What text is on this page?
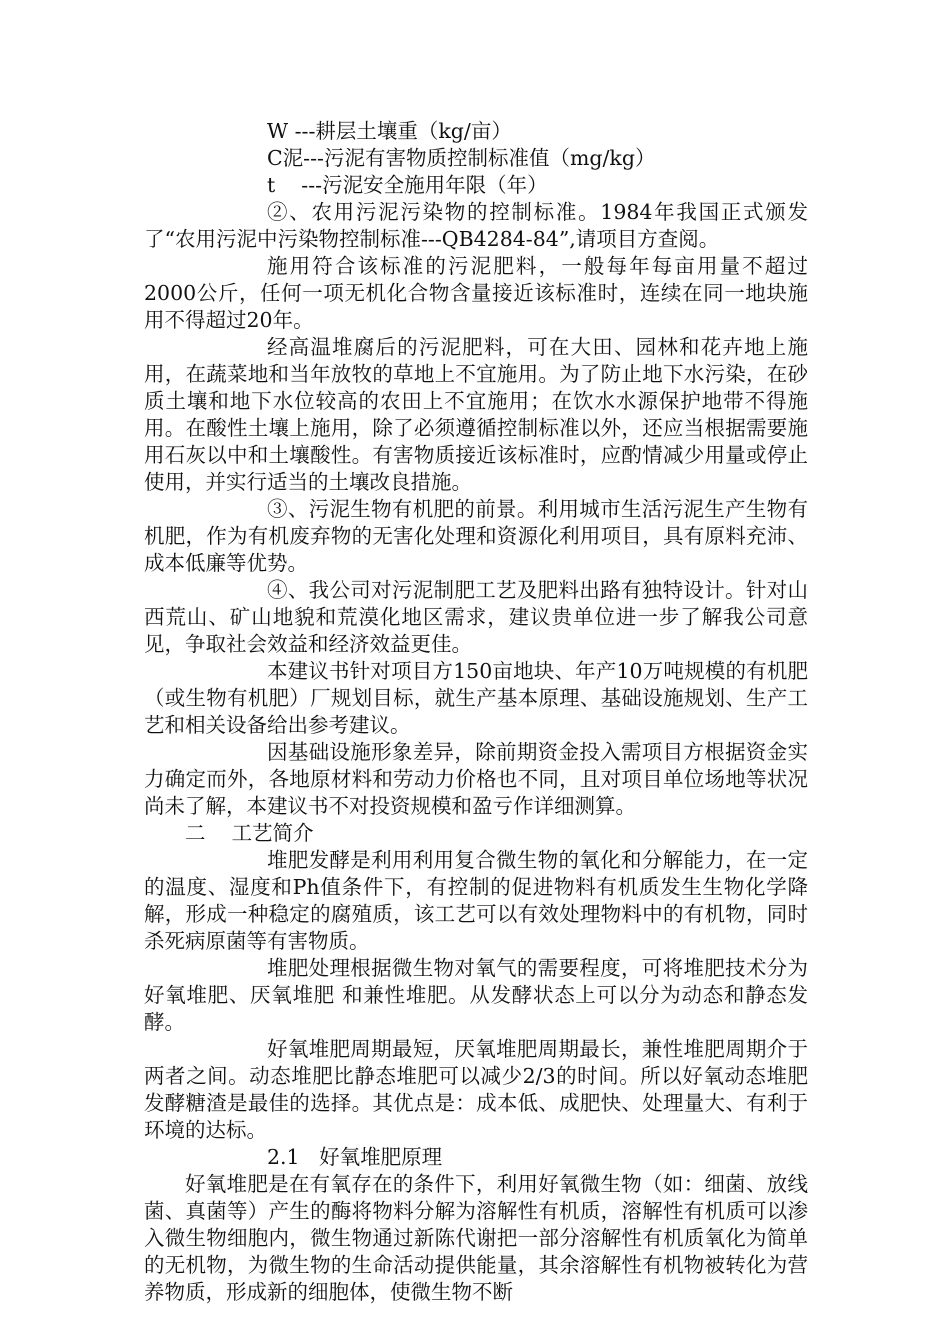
W ---耕层土壤重（kg/亩）

C泥---污泥有害物质控制标准值（mg/kg）

t    ---污泥安全施用年限（年）

②、农用污泥污染物的控制标准。1984年我国正式颁发了“农用污泥中污染物控制标准---QB4284-84”,请项目方查阅。

施用符合该标准的污泥肥料，一般每年每亩用量不超过2000公斤，任何一项无机化合物含量接近该标准时，连续在同一地块施用不得超过20年。

经高温堆腐后的污泥肥料，可在大田、园林和花卉地上施用，在蔬菜地和当年放牧的草地上不宜施用。为了防止地下水污染，在砂质土壤和地下水位较高的农田上不宜施用；在饮水水源保护地带不得施用。在酸性土壤上施用，除了必须遵循控制标准以外，还应当根据需要施用石灰以中和土壤酸性。有害物质接近该标准时，应酌情减少用量或停止使用，并实行适当的土壤改良措施。

③、污泥生物有机肥的前景。利用城市生活污泥生产生物有机肥，作为有机废弃物的无害化处理和资源化利用项目，具有原料充沛、成本低廉等优势。

④、我公司对污泥制肥工艺及肥料出路有独特设计。针对山西荒山、矿山地貌和荒漠化地区需求，建议贵单位进一步了解我公司意见，争取社会效益和经济效益更佳。

本建议书针对项目方150亩地块、年产10万吨规模的有机肥（或生物有机肥）厂规划目标，就生产基本原理、基础设施规划、生产工艺和相关设备给出参考建议。

因基础设施形象差异，除前期资金投入需项目方根据资金实力确定而外，各地原材料和劳动力价格也不同，且对项目单位场地等状况尚未了解，本建议书不对投资规模和盈亏作详细测算。

二    工艺简介

堆肥发酵是利用利用复合微生物的氧化和分解能力，在一定的温度、湿度和Ph值条件下，有控制的促进物料有机质发生生物化学降解，形成一种稳定的腐殖质，该工艺可以有效处理物料中的有机物，同时杀死病原菌等有害物质。

堆肥处理根据微生物对氧气的需要程度，可将堆肥技术分为好氧堆肥、厌氧堆肥 和兼性堆肥。从发酵状态上可以分为动态和静态发酵。

好氧堆肥周期最短，厌氧堆肥周期最长，兼性堆肥周期介于两者之间。动态堆肥比静态堆肥可以减少2/3的时间。所以好氧动态堆肥发酵糖渣是最佳的选择。其优点是：成本低、成肥快、处理量大、有利于环境的达标。

2.1   好氧堆肥原理

好氧堆肥是在有氧存在的条件下，利用好氧微生物（如：细菌、放线菌、真菌等）产生的酶将物料分解为溶解性有机质，溶解性有机质可以渗入微生物细胞内，微生物通过新陈代谢把一部分溶解性有机质氧化为简单的无机物，为微生物的生命活动提供能量，其余溶解性有机物被转化为营养物质，形成新的细胞体，使微生物不断
